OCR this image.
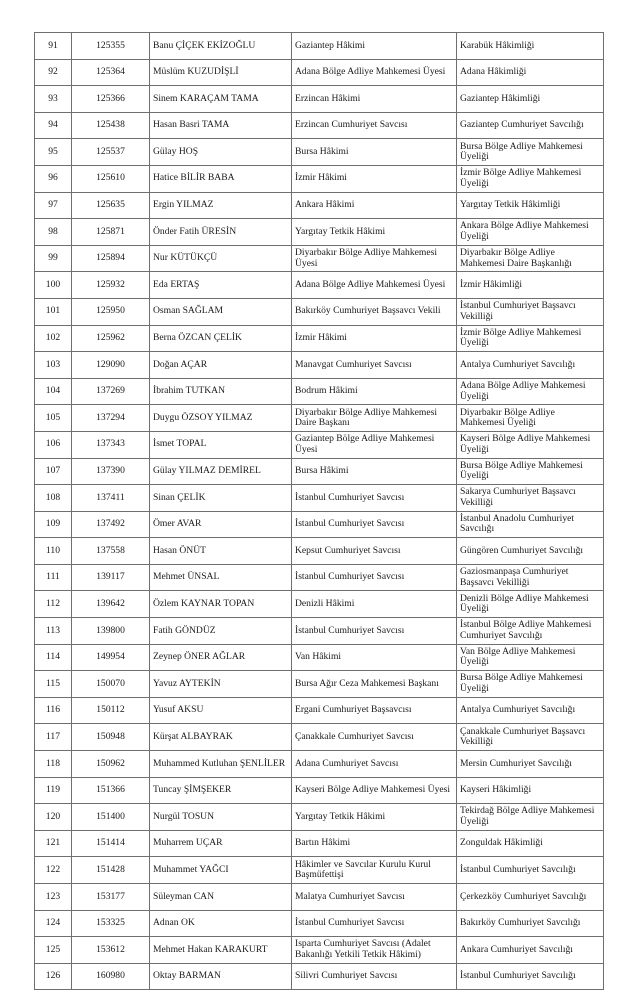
91	125355	Banu ÇİÇEK EKİZOĞLU	Gaziantep Hâkimi	Karabük Hâkimliği
92	125364	Müslüm KUZUDİŞLİ	Adana Bölge Adliye Mahkemesi Üyesi	Adana Hâkimliği
93	125366	Sinem KARAÇAM TAMA	Erzincan Hâkimi	Gaziantep Hâkimliği
94	125438	Hasan Basri TAMA	Erzincan Cumhuriyet Savcısı	Gaziantep Cumhuriyet Savcılığı
95	125537	Gülay HOŞ	Bursa Hâkimi	Bursa Bölge Adliye Mahkemesi Üyeliği
96	125610	Hatice BİLİR BABA	İzmir Hâkimi	İzmir Bölge Adliye Mahkemesi Üyeliği
97	125635	Ergin YILMAZ	Ankara Hâkimi	Yargıtay Tetkik Hâkimliği
98	125871	Önder Fatih ÜRESİN	Yargıtay Tetkik Hâkimi	Ankara Bölge Adliye Mahkemesi Üyeliği
99	125894	Nur KÜTÜKÇÜ	Diyarbakır Bölge Adliye Mahkemesi Üyesi	Diyarbakır Bölge Adliye Mahkemesi Daire Başkanlığı
100	125932	Eda ERTAŞ	Adana Bölge Adliye Mahkemesi Üyesi	İzmir Hâkimliği
101	125950	Osman SAĞLAM	Bakırköy Cumhuriyet Başsavcı Vekili	İstanbul Cumhuriyet Başsavcı Vekilliği
102	125962	Berna ÖZCAN ÇELİK	İzmir Hâkimi	İzmir Bölge Adliye Mahkemesi Üyeliği
103	129090	Doğan AÇAR	Manavgat Cumhuriyet Savcısı	Antalya Cumhuriyet Savcılığı
104	137269	İbrahim TUTKAN	Bodrum Hâkimi	Adana Bölge Adliye Mahkemesi Üyeliği
105	137294	Duygu ÖZSOY YILMAZ	Diyarbakır Bölge Adliye Mahkemesi Daire Başkanı	Diyarbakır Bölge Adliye Mahkemesi Üyeliği
106	137343	İsmet TOPAL	Gaziantep Bölge Adliye Mahkemesi Üyesi	Kayseri Bölge Adliye Mahkemesi Üyeliği
107	137390	Gülay YILMAZ DEMİREL	Bursa Hâkimi	Bursa Bölge Adliye Mahkemesi Üyeliği
108	137411	Sinan ÇELİK	İstanbul Cumhuriyet Savcısı	Sakarya Cumhuriyet Başsavcı Vekilliği
109	137492	Ömer AVAR	İstanbul Cumhuriyet Savcısı	İstanbul Anadolu Cumhuriyet Savcılığı
110	137558	Hasan ÖNÜT	Kepsut Cumhuriyet Savcısı	Güngören Cumhuriyet Savcılığı
111	139117	Mehmet ÜNSAL	İstanbul Cumhuriyet Savcısı	Gaziosmanpaşa Cumhuriyet Başsavcı Vekilliği
112	139642	Özlem KAYNAR TOPAN	Denizli Hâkimi	Denizli Bölge Adliye Mahkemesi Üyeliği
113	139800	Fatih GÖNDÜZ	İstanbul Cumhuriyet Savcısı	İstanbul Bölge Adliye Mahkemesi Cumhuriyet Savcılığı
114	149954	Zeynep ÖNER AĞLAR	Van Hâkimi	Van Bölge Adliye Mahkemesi Üyeliği
115	150070	Yavuz AYTEKİN	Bursa Ağır Ceza Mahkemesi Başkanı	Bursa Bölge Adliye Mahkemesi Üyeliği
116	150112	Yusuf AKSU	Ergani Cumhuriyet Başsavcısı	Antalya Cumhuriyet Savcılığı
117	150948	Kürşat ALBAYRAK	Çanakkale Cumhuriyet Savcısı	Çanakkale Cumhuriyet Başsavcı Vekilliği
118	150962	Muhammed Kutluhan ŞENLİLER	Adana Cumhuriyet Savcısı	Mersin Cumhuriyet Savcılığı
119	151366	Tuncay ŞİMŞEKER	Kayseri Bölge Adliye Mahkemesi Üyesi	Kayseri Hâkimliği
120	151400	Nurgül TOSUN	Yargıtay Tetkik Hâkimi	Tekirdağ Bölge Adliye Mahkemesi Üyeliği
121	151414	Muharrem UÇAR	Bartın Hâkimi	Zonguldak Hâkimliği
122	151428	Muhammet YAĞCI	Hâkimler ve Savcılar Kurulu Kurul Başmüfettişi	İstanbul Cumhuriyet Savcılığı
123	153177	Süleyman CAN	Malatya Cumhuriyet Savcısı	Çerkezköy Cumhuriyet Savcılığı
124	153325	Adnan OK	İstanbul Cumhuriyet Savcısı	Bakırköy Cumhuriyet Savcılığı
125	153612	Mehmet Hakan KARAKURT	Isparta Cumhuriyet Savcısı (Adalet Bakanlığı Yetkili Tetkik Hâkimi)	Ankara Cumhuriyet Savcılığı
126	160980	Oktay BARMAN	Silivri Cumhuriyet Savcısı	İstanbul Cumhuriyet Savcılığı
